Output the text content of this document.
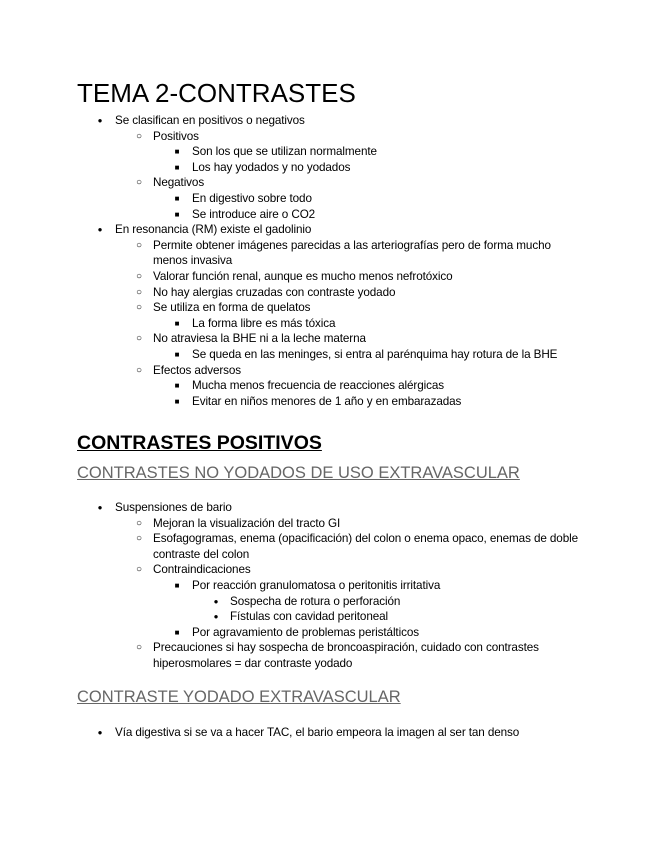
TEMA 2-CONTRASTES
●	Se clasifican en positivos o negativos
○ Positivos
■	Son los que se utilizan normalmente
■	Los hay yodados y no yodados
○ Negativos
■	En digestivo sobre todo
■	Se introduce aire o CO2
●	En resonancia (RM) existe el gadolinio
○ Permite obtener imágenes parecidas a las arteriografías pero de forma mucho menos invasiva
○ Valorar función renal, aunque es mucho menos nefrotóxico
○ No hay alergias cruzadas con contraste yodado
○ Se utiliza en forma de quelatos
■	La forma libre es más tóxica
○ No atraviesa la BHE ni a la leche materna
■	Se queda en las meninges, si entra al parénquima hay rotura de la BHE
○ Efectos adversos
■	Mucha menos frecuencia de reacciones alérgicas
■	Evitar en niños menores de 1 año y en embarazadas
CONTRASTES POSITIVOS
CONTRASTES NO YODADOS DE USO EXTRAVASCULAR
●	Suspensiones de bario
○ Mejoran la visualización del tracto GI
○ Esofagogramas, enema (opacificación) del colon o enema opaco, enemas de doble contraste del colon
○ Contraindicaciones
■	Por reacción granulomatosa o peritonitis irritativa
● Sospecha de rotura o perforación
● Fístulas con cavidad peritoneal
■	Por agravamiento de problemas peristálticos
○ Precauciones si hay sospecha de broncoaspiración, cuidado con contrastes hiperosmolares = dar contraste yodado
CONTRASTE YODADO EXTRAVASCULAR
●	Vía digestiva si se va a hacer TAC, el bario empeora la imagen al ser tan denso
